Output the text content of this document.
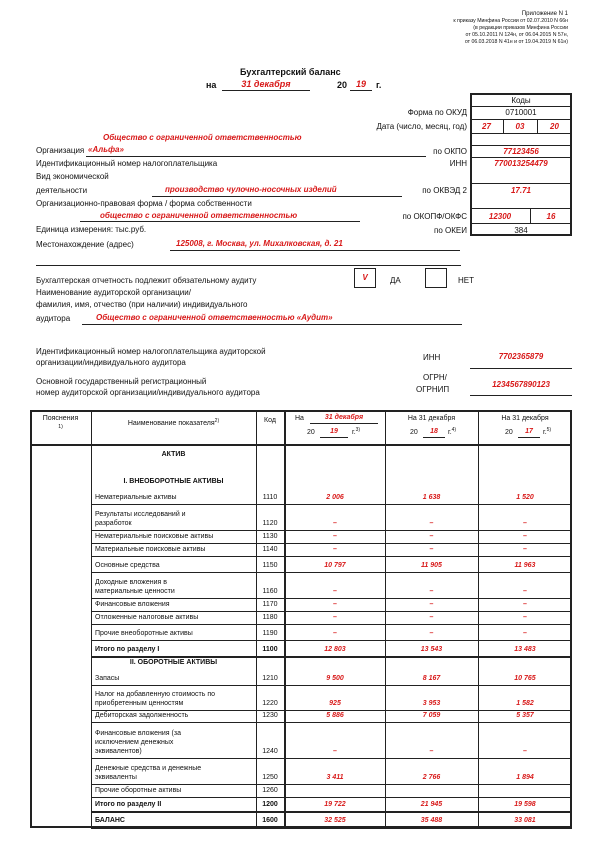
Приложение N 1
к приказу Минфина России от 02.07.2010 N 66н
(в редакции приказов Минфина России
от 05.10.2011 N 124н, от 06.04.2015 N 57н,
от 06.03.2018 N 41н и от 19.04.2019 N 61н)
Бухгалтерский баланс
на	31 декабря	20 19	г.
Коды
Форма по ОКУД	0710001
Дата (число, месяц, год)	27	03	20
по ОКПО	77123456
ИНН	770013254479
по ОКВЭД 2	17.71
по ОКОПФ/ОКФС	12300	16
по ОКЕИ	384
Общество с ограниченной ответственностью
Организация «Альфа»
Идентификационный номер налогоплательщика
Вид экономической
деятельности	производство чулочно-носочных изделий
Организационно-правовая форма / форма собственности
общество с ограниченной ответственностью
Единица измерения: тыс.руб.
Местонахождение (адрес)	125008, г. Москва, ул. Михалковская, д. 21
Бухгалтерская отчетность подлежит обязательному аудиту	V	ДА	НЕТ
Наименование аудиторской организации/
фамилия, имя, отчество (при наличии) индивидуального
аудитора	Общество с ограниченной ответственностью «Аудит»
Идентификационный номер налогоплательщика аудиторской
организации/индивидуального аудитора
ИНН	7702365879
Основной государственный регистрационный
номер аудиторской организации/индивидуального аудитора
ОГРН/
ОГРНИП
1234567890123
Пояснения
1)	Наименование показателя$^{2)}$	Код	На	31 декабря
20	19	г.$^{3)}$
На 31 декабря
20	18	г.$^{4)}$
На 31 декабря
20	17	г.$^{5)}$
АКТИВ
I. ВНЕОБОРОТНЫЕ АКТИВЫ
II. ОБОРОТНЫЕ АКТИВЫ
Нематериальные активы	1110	2 006	1 638	1 520
Результаты исследований и
разработок	1120	–	–	–
Нематериальные поисковые активы	1130	–	–	–
Материальные поисковые активы	1140	–	–	–
Основные средства	1150	10 797	11 905	11 963
Доходные вложения в
материальные ценности	1160	–	–	–
Финансовые вложения	1170	–	–	–
Отложенные налоговые активы	1180	–	–	–
Прочие внеоборотные активы	1190	–	–	–
Итого по разделу I	1100	12 803	13 543	13 483
Запасы	1210	9 500	8 167	10 765
Налог на добавленную стоимость по
приобретенным ценностям	1220	925	3 953	1 582
Дебиторская задолженность	1230	5 886	7 059	5 357
Финансовые вложения (за
исключением денежных
эквивалентов)	1240	–	–	–
Денежные средства и денежные
эквиваленты	1250	3 411	2 766	1 894
Прочие оборотные активы	1260
Итого по разделу II	1200	19 722	21 945	19 598
БАЛАНС	1600	32 525	35 488	33 081
